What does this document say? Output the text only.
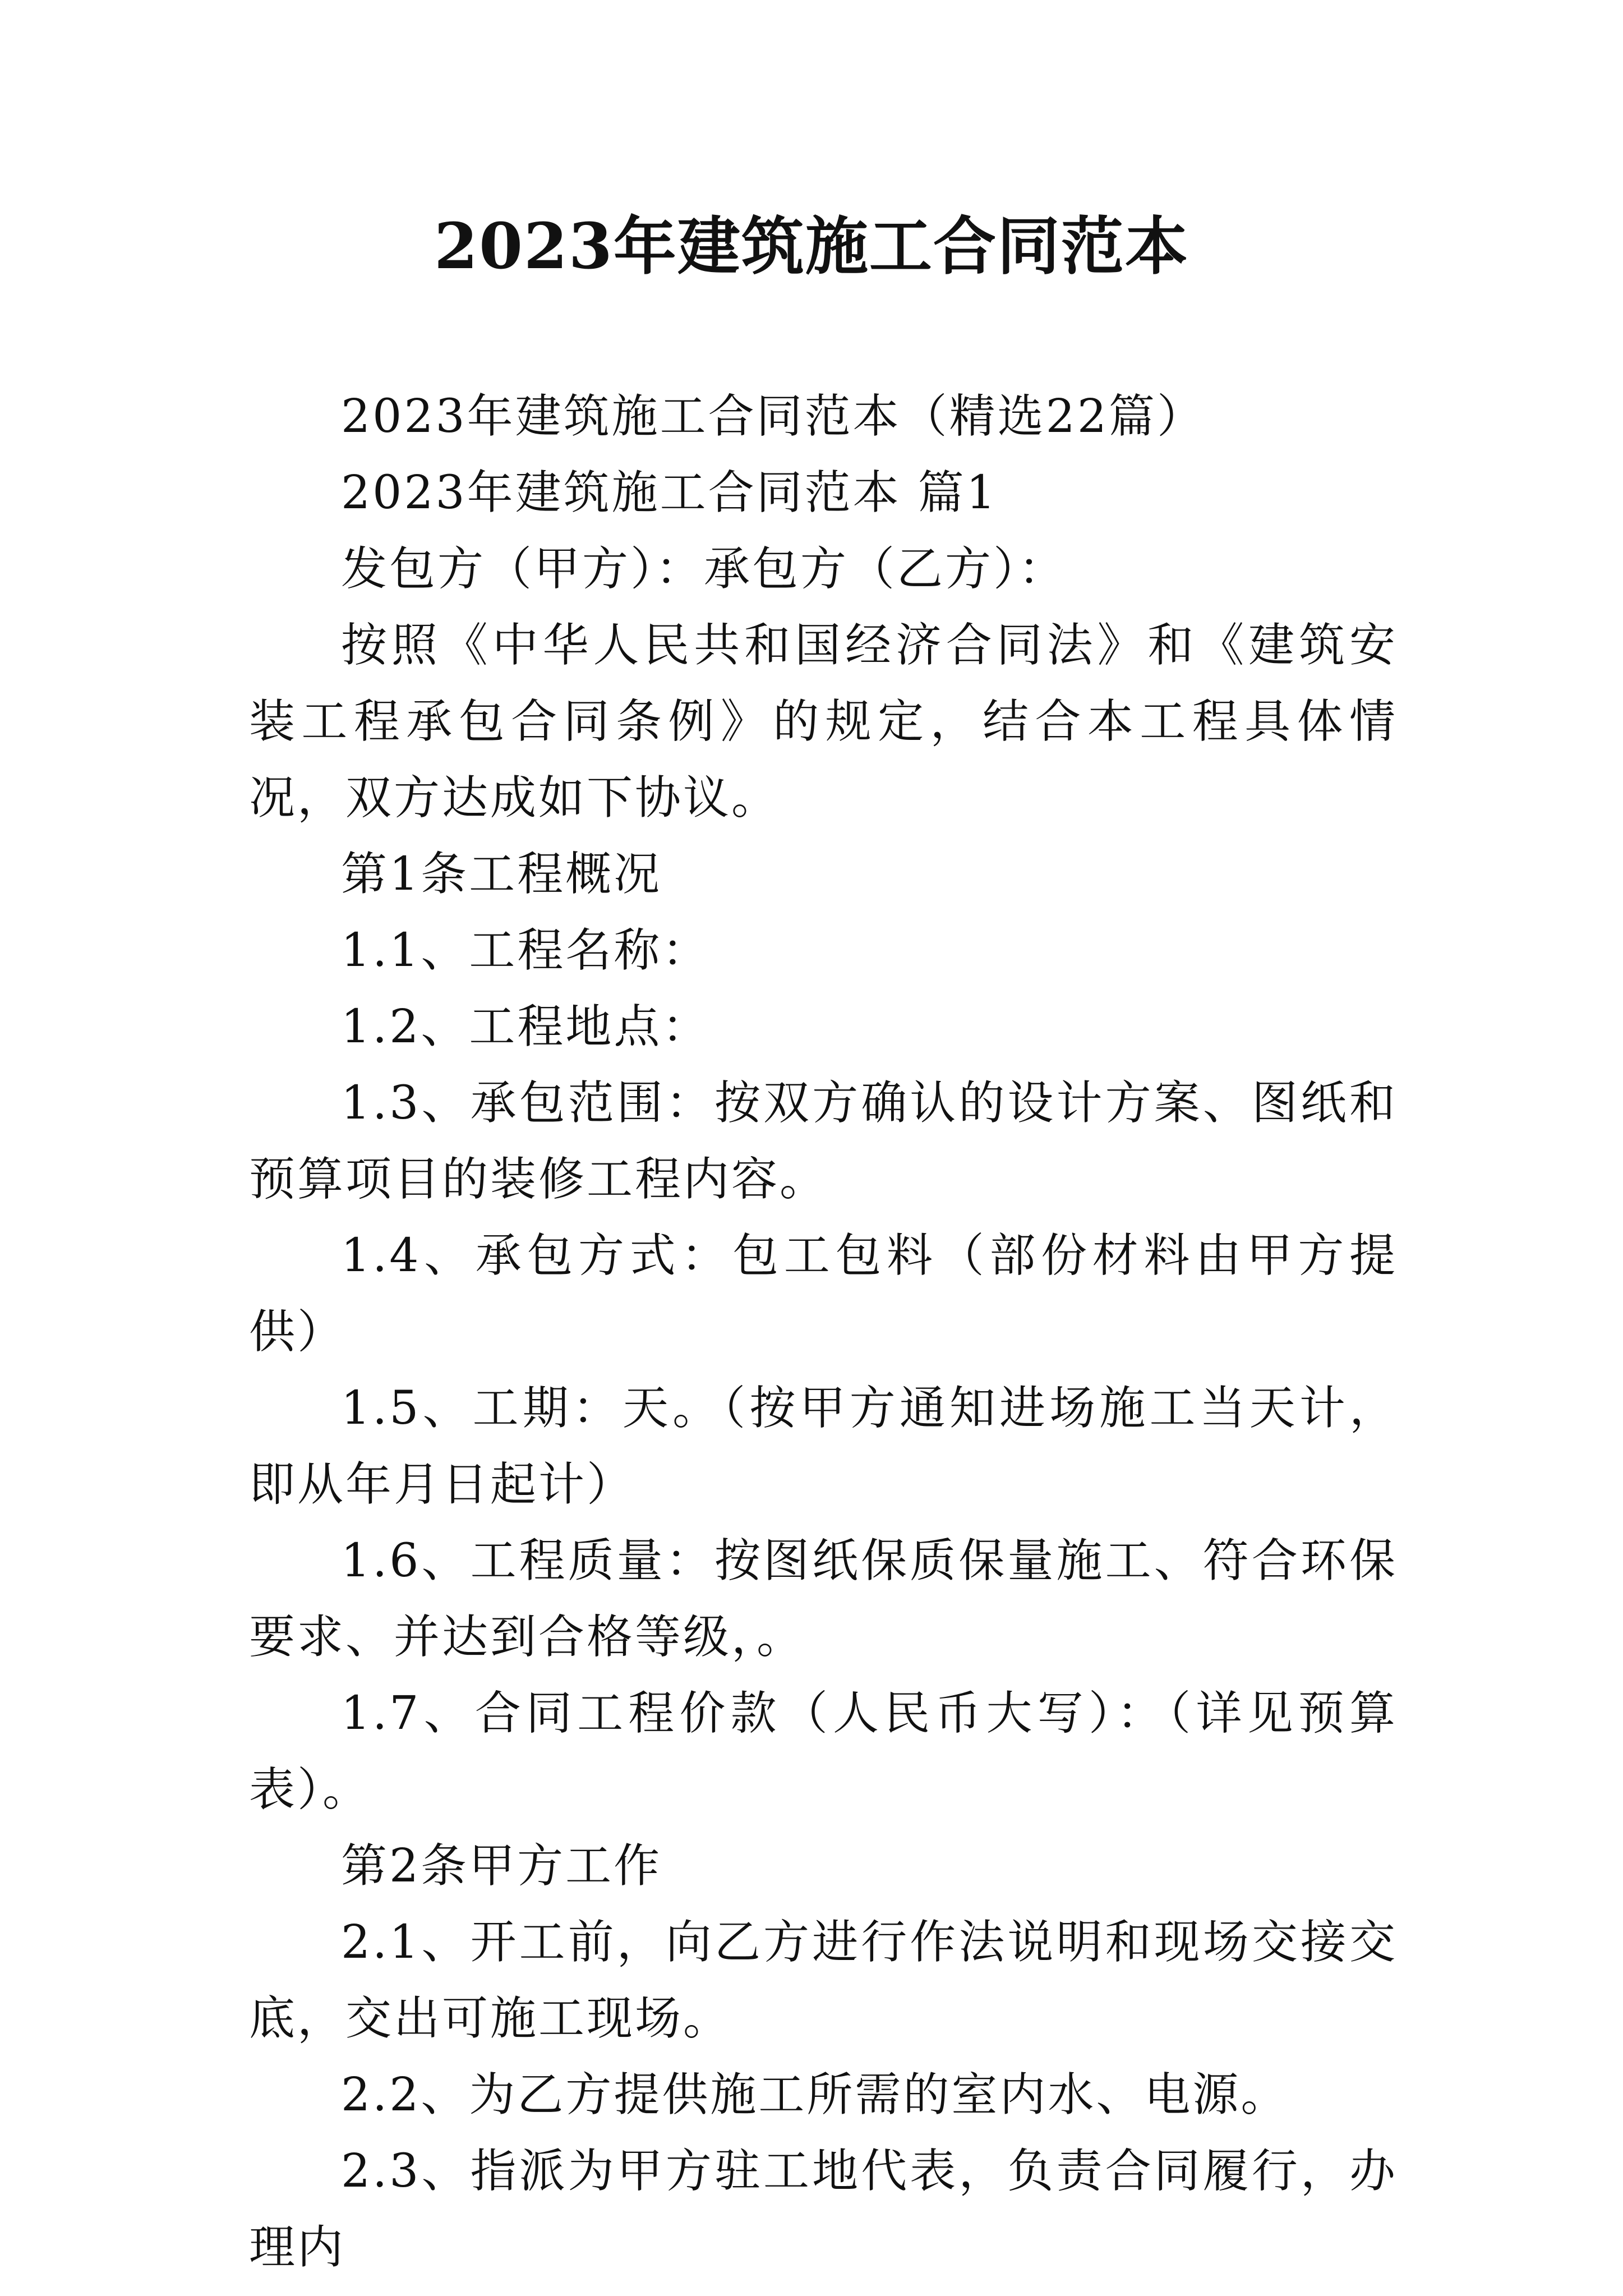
2023年建筑施工合同范本

2023年建筑施工合同范本（精选22篇）

2023年建筑施工合同范本 篇1

发包方（甲方）：承包方（乙方）：

按照《中华人民共和国经济合同法》和《建筑安装工程承包合同条例》的规定，结合本工程具体情况，双方达成如下协议。

第1条工程概况

1.1、工程名称：

1.2、工程地点：

1.3、承包范围：按双方确认的设计方案、图纸和预算项目的装修工程内容。

1.4、承包方式：包工包料（部份材料由甲方提供）

1.5、工期：天。（按甲方通知进场施工当天计，即从年月日起计）

1.6、工程质量：按图纸保质保量施工、符合环保要求、并达到合格等级，。

1.7、合同工程价款（人民币大写）：（详见预算表）。

第2条甲方工作

2.1、开工前，向乙方进行作法说明和现场交接交底，交出可施工现场。

2.2、为乙方提供施工所需的室内水、电源。

2.3、指派为甲方驻工地代表，负责合同履行，办理内
